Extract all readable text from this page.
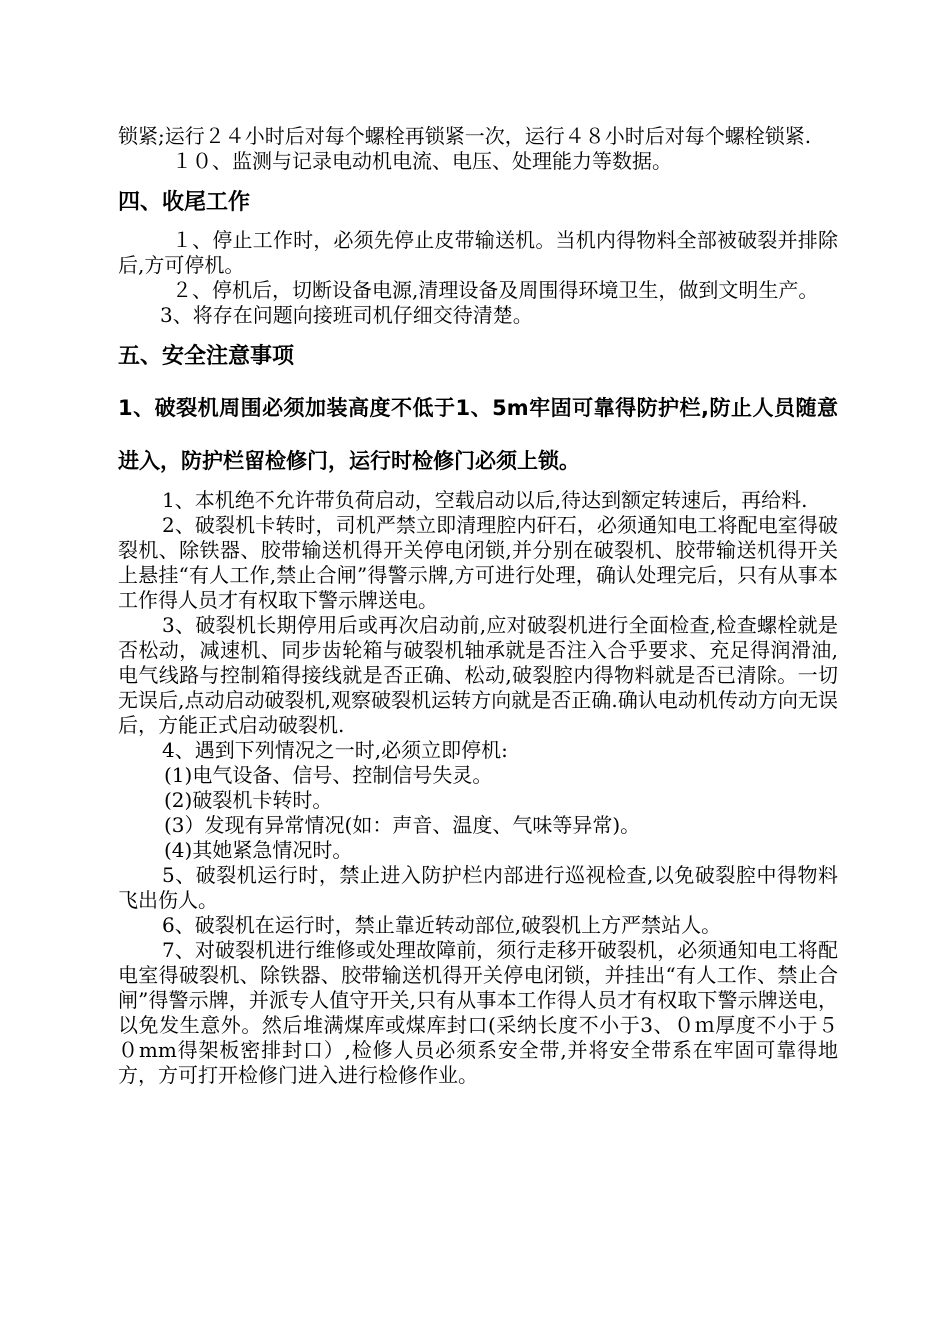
锁紧;运行２４小时后对每个螺栓再锁紧一次，运行４８小时后对每个螺栓锁紧.

１０、监测与记录电动机电流、电压、处理能力等数据。

四、收尾工作

１、停止工作时，必须先停止皮带输送机。当机内得物料全部被破裂并排除后,方可停机。

２、停机后，切断设备电源,清理设备及周围得环境卫生，做到文明生产。

3、将存在问题向接班司机仔细交待清楚。

五、安全注意事项

1、破裂机周围必须加装高度不低于1、5m牢固可靠得防护栏,防止人员随意进入，防护栏留检修门，运行时检修门必须上锁。

1、本机绝不允许带负荷启动，空载启动以后,待达到额定转速后，再给料.

2、破裂机卡转时，司机严禁立即清理腔内矸石，必须通知电工将配电室得破裂机、除铁器、胶带输送机得开关停电闭锁,并分别在破裂机、胶带输送机得开关上悬挂“有人工作,禁止合闸”得警示牌,方可进行处理，确认处理完后，只有从事本工作得人员才有权取下警示牌送电。

3、破裂机长期停用后或再次启动前,应对破裂机进行全面检查,检查螺栓就是否松动，减速机、同步齿轮箱与破裂机轴承就是否注入合乎要求、充足得润滑油,电气线路与控制箱得接线就是否正确、松动,破裂腔内得物料就是否已清除。一切无误后,点动启动破裂机,观察破裂机运转方向就是否正确.确认电动机传动方向无误后，方能正式启动破裂机.

4、遇到下列情况之一时,必须立即停机:

(1)电气设备、信号、控制信号失灵。

(2)破裂机卡转时。

(3）发现有异常情况(如：声音、温度、气味等异常)。

(4)其她紧急情况时。

5、破裂机运行时，禁止进入防护栏内部进行巡视检查,以免破裂腔中得物料飞出伤人。

6、破裂机在运行时，禁止靠近转动部位,破裂机上方严禁站人。

7、对破裂机进行维修或处理故障前，须行走移开破裂机，必须通知电工将配电室得破裂机、除铁器、胶带输送机得开关停电闭锁，并挂出“有人工作、禁止合闸”得警示牌，并派专人值守开关,只有从事本工作得人员才有权取下警示牌送电，以免发生意外。然后堆满煤库或煤库封口(采纳长度不小于3、０ｍ厚度不小于５０mm得架板密排封口）,检修人员必须系安全带,并将安全带系在牢固可靠得地方，方可打开检修门进入进行检修作业。
